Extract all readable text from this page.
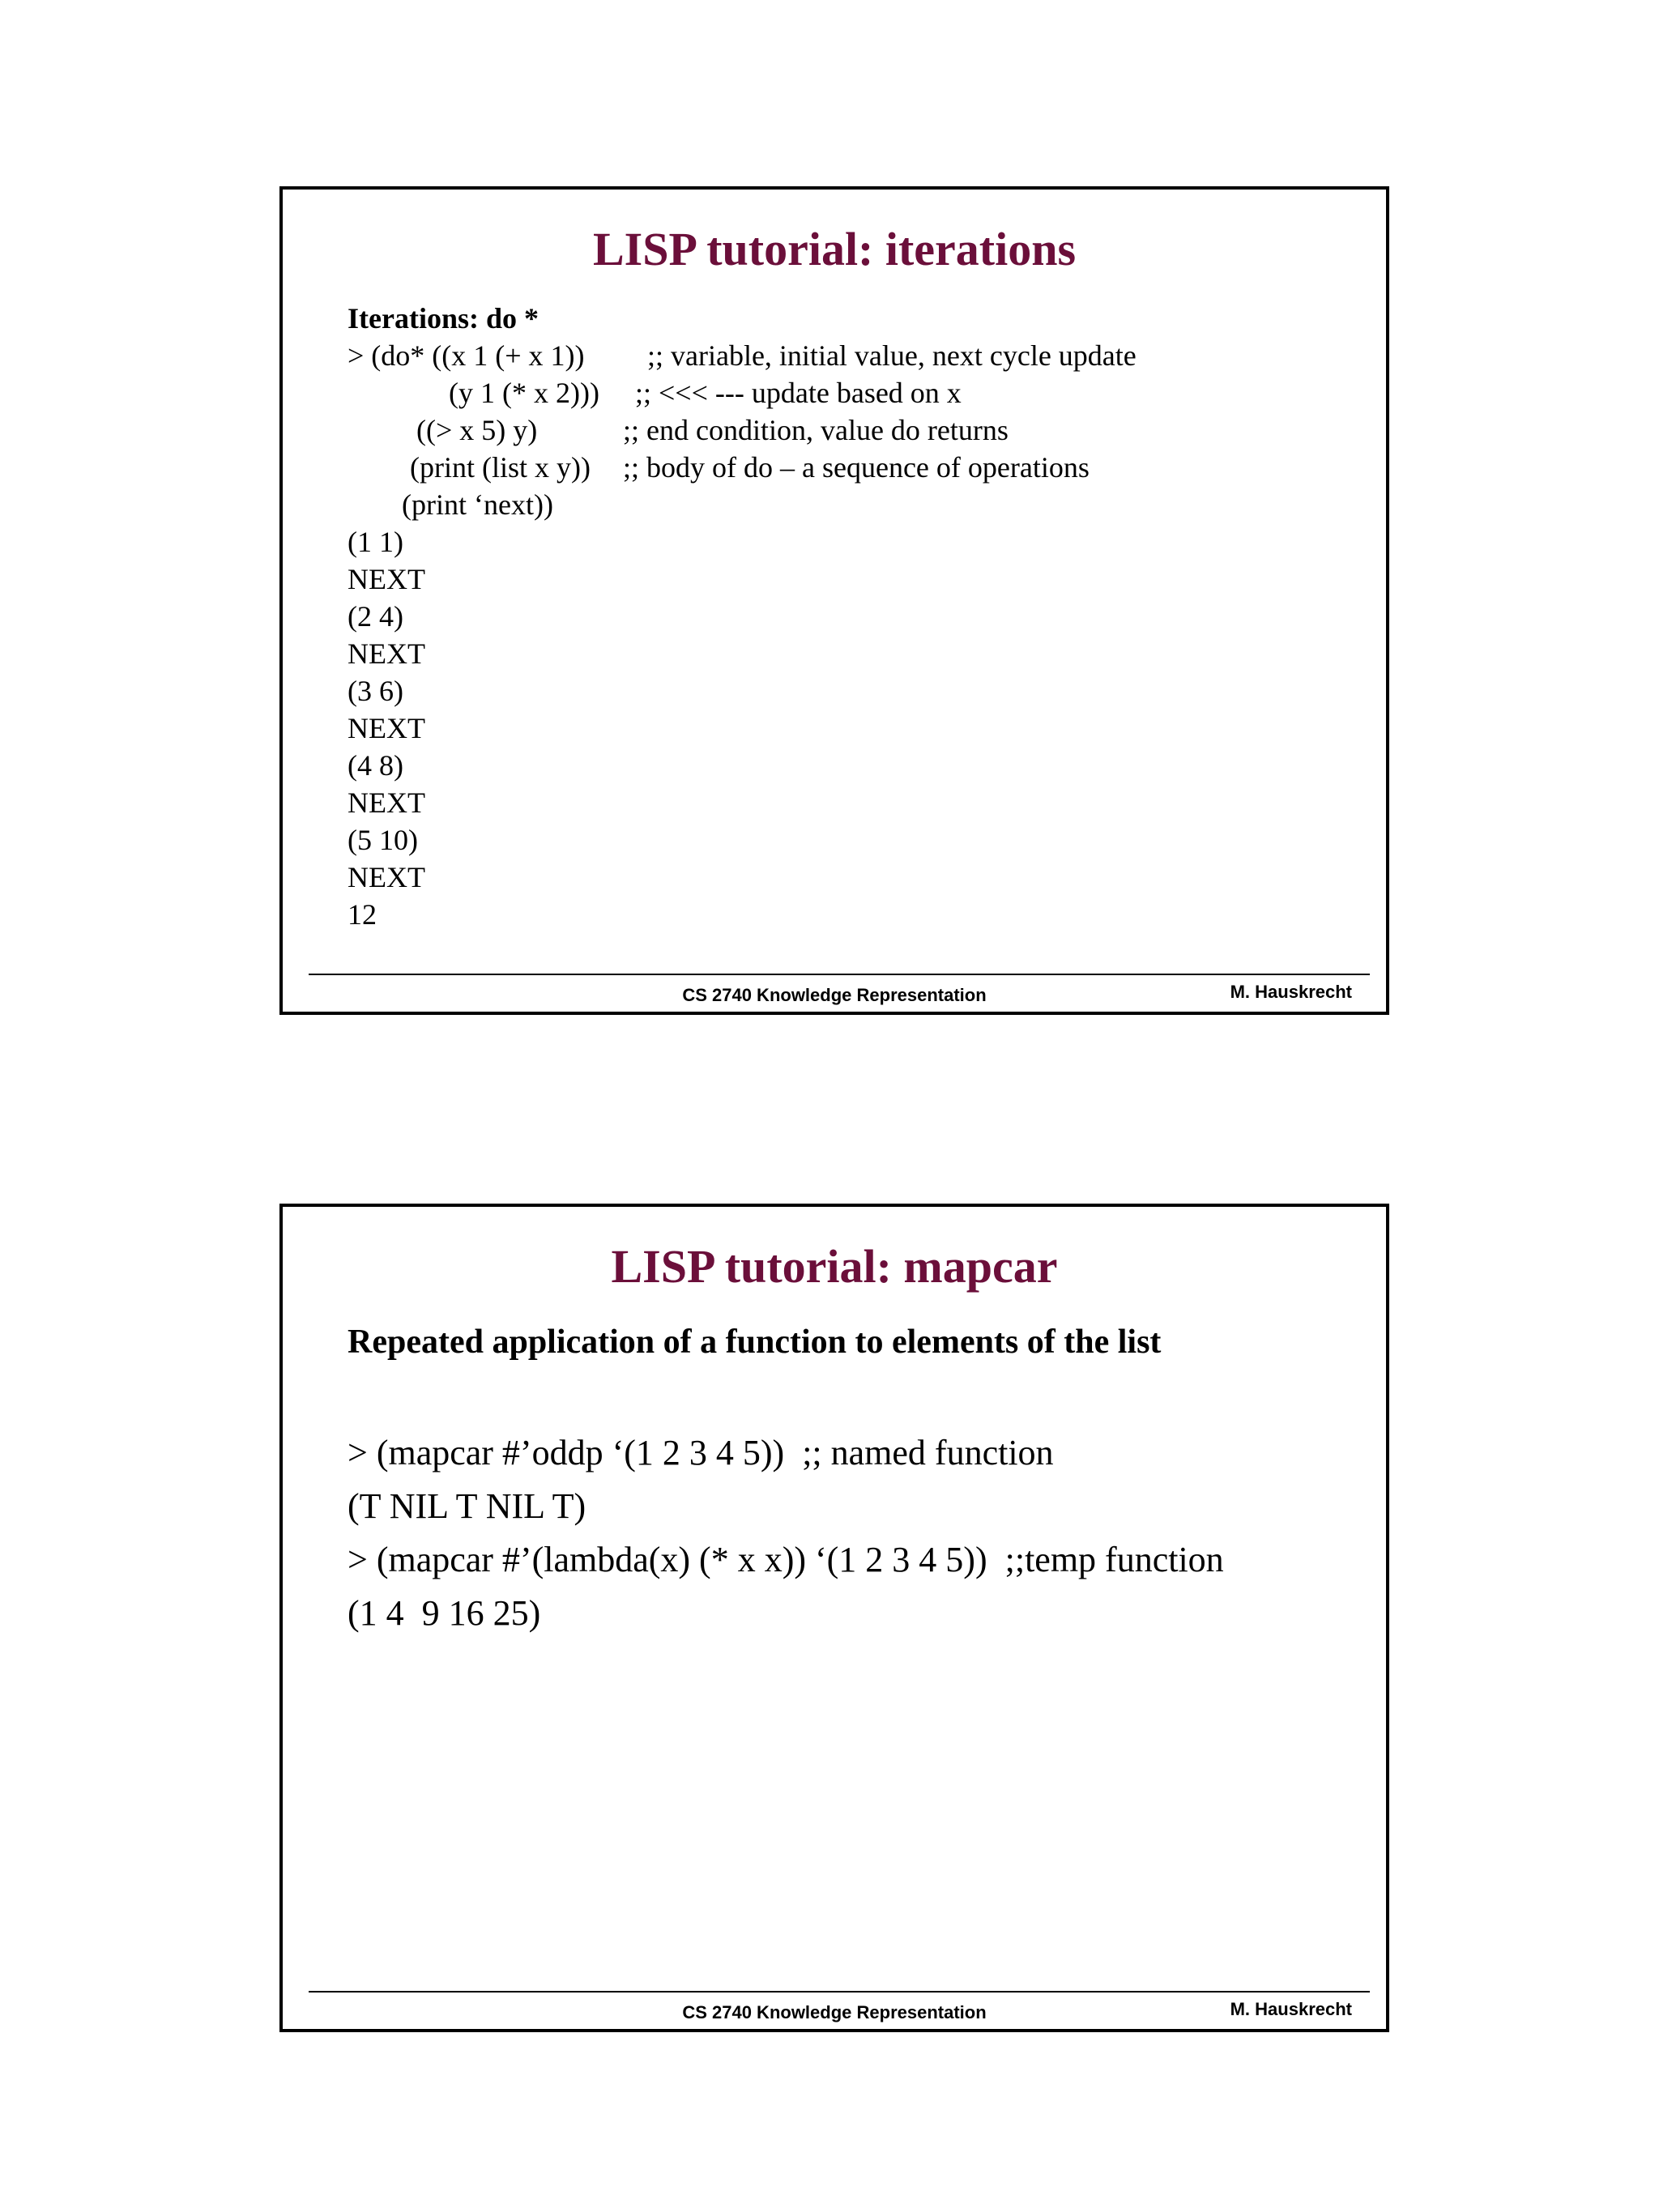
LISP tutorial: iterations
Iterations: do *

> (do* ((x 1 (+ x 1))

;; variable, initial value, next cycle update

(y 1 (* x 2)))

;; <<< --- update based on x

((> x 5) y)

	;; end condition, value do returns

(print (list x y))

;; body of do – a sequence of operations

(print ‘next))

(1 1)
NEXT
(2 4)
NEXT
(3 6)
NEXT
(4 8)
NEXT
(5 10)
NEXT
12
CS 2740 Knowledge Representation	M. Hauskrecht
LISP tutorial: mapcar
Repeated application of a function to elements of the list
> (mapcar #’oddp ‘(1 2 3 4 5))  ;; named function
(T NIL T NIL T)
> (mapcar #’(lambda(x) (* x x)) ‘(1 2 3 4 5))  ;;temp function
(1 4  9 16 25)
CS 2740 Knowledge Representation	M. Hauskrecht
